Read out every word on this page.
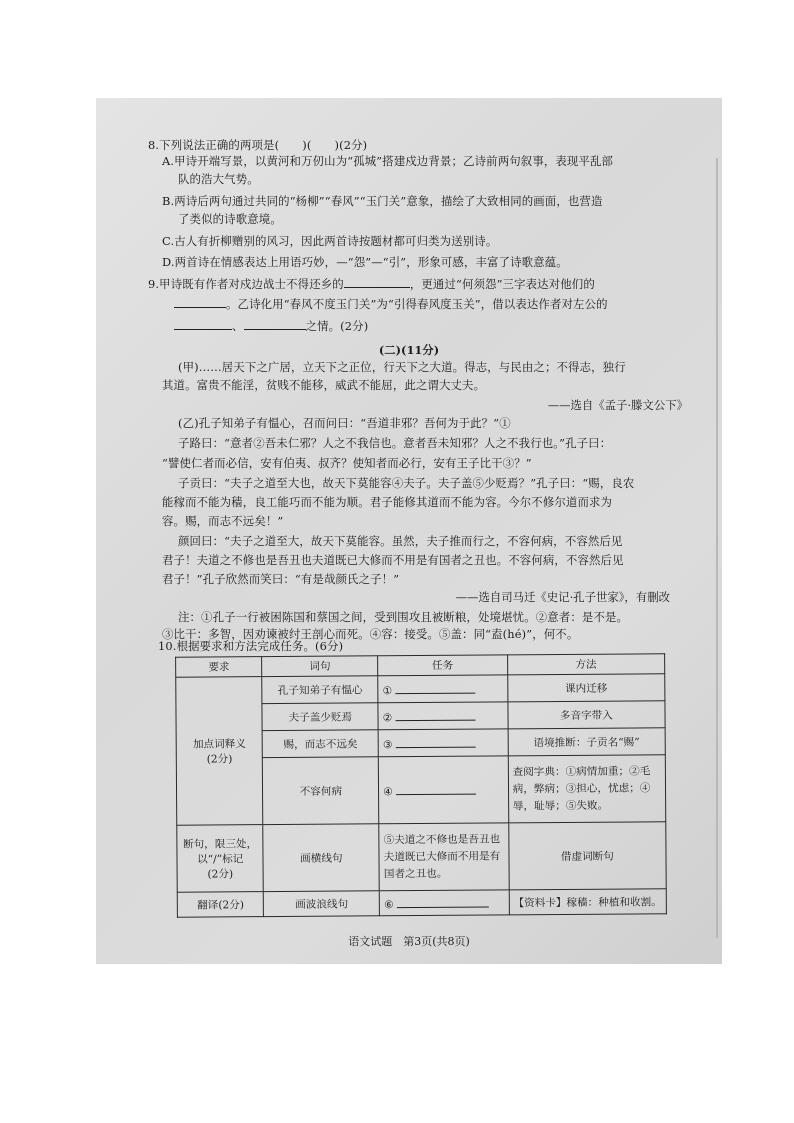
8.下列说法正确的两项是(　　)(　　)(2分)
A.甲诗开端写景，以黄河和万仞山为“孤城”搭建戍边背景；乙诗前两句叙事，表现平乱部
队的浩大气势。
B.两诗后两句通过共同的“杨柳”“春风”“玉门关”意象，描绘了大致相同的画面，也营造
了类似的诗歌意境。
C.古人有折柳赠别的风习，因此两首诗按题材都可归类为送别诗。
D.两首诗在情感表达上用语巧妙，—“怨”—“引”，形象可感，丰富了诗歌意蕴。
9.甲诗既有作者对戍边战士不得还乡的	，更通过“何须怨”三字表达对他们的
。乙诗化用“春风不度玉门关”为“引得春风度玉关”，借以表达作者对左公的
、	之情。(2分)
(二)(11分)
(甲)……居天下之广居，立天下之正位，行天下之大道。得志，与民由之；不得志，独行
其道。富贵不能淫，贫贱不能移，威武不能屈，此之谓大丈夫。
——选自《孟子·滕文公下》
(乙)孔子知弟子有愠心，召而问曰：“吾道非邪？吾何为于此？”①
子路曰：“意者②吾未仁邪？人之不我信也。意者吾未知邪？人之不我行也。”孔子曰：
“譬使仁者而必信，安有伯夷、叔齐？使知者而必行，安有王子比干③？”
子贡曰：“夫子之道至大也，故天下莫能容④夫子。夫子盖⑤少贬焉？”孔子曰：“赐，良农
能稼而不能为穑，良工能巧而不能为顺。君子能修其道而不能为容。今尔不修尔道而求为
容。赐，而志不远矣！”
颜回曰：“夫子之道至大，故天下莫能容。虽然，夫子推而行之，不容何病，不容然后见
君子！夫道之不修也是吾丑也夫道既已大修而不用是有国者之丑也。不容何病，不容然后见
君子！”孔子欣然而笑曰：“有是哉颜氏之子！”
——选自司马迁《史记·孔子世家》，有删改
注：①孔子一行被困陈国和蔡国之间，受到围攻且被断粮，处境堪忧。②意者：是不是。
③比干：多智，因劝谏被纣王剖心而死。④容：接受。⑤盖：同“盍(hé)”，何不。
10.根据要求和方法完成任务。(6分)
要求	词句	任务	方法

加点词释义
(2分)	孔子知弟子有愠心	①	课内迁移
	夫子盖少贬焉	②	多音字带入
	赐，而志不远矣	③	语境推断：子贡名“赐”
	不容何病	④	查阅字典：①病情加重；②毛病，弊病；③担心，忧虑；④辱，耻辱；⑤失败。

断句，限三处，以“/”标记
(2分)	画横线句	⑤夫道之不修也是吾丑也夫道既已大修而不用是有国者之丑也。	借虚词断句
翻译(2分)	画波浪线句	⑥	【资料卡】稼穑：种植和收割。
语文试题　第3页(共8页)
